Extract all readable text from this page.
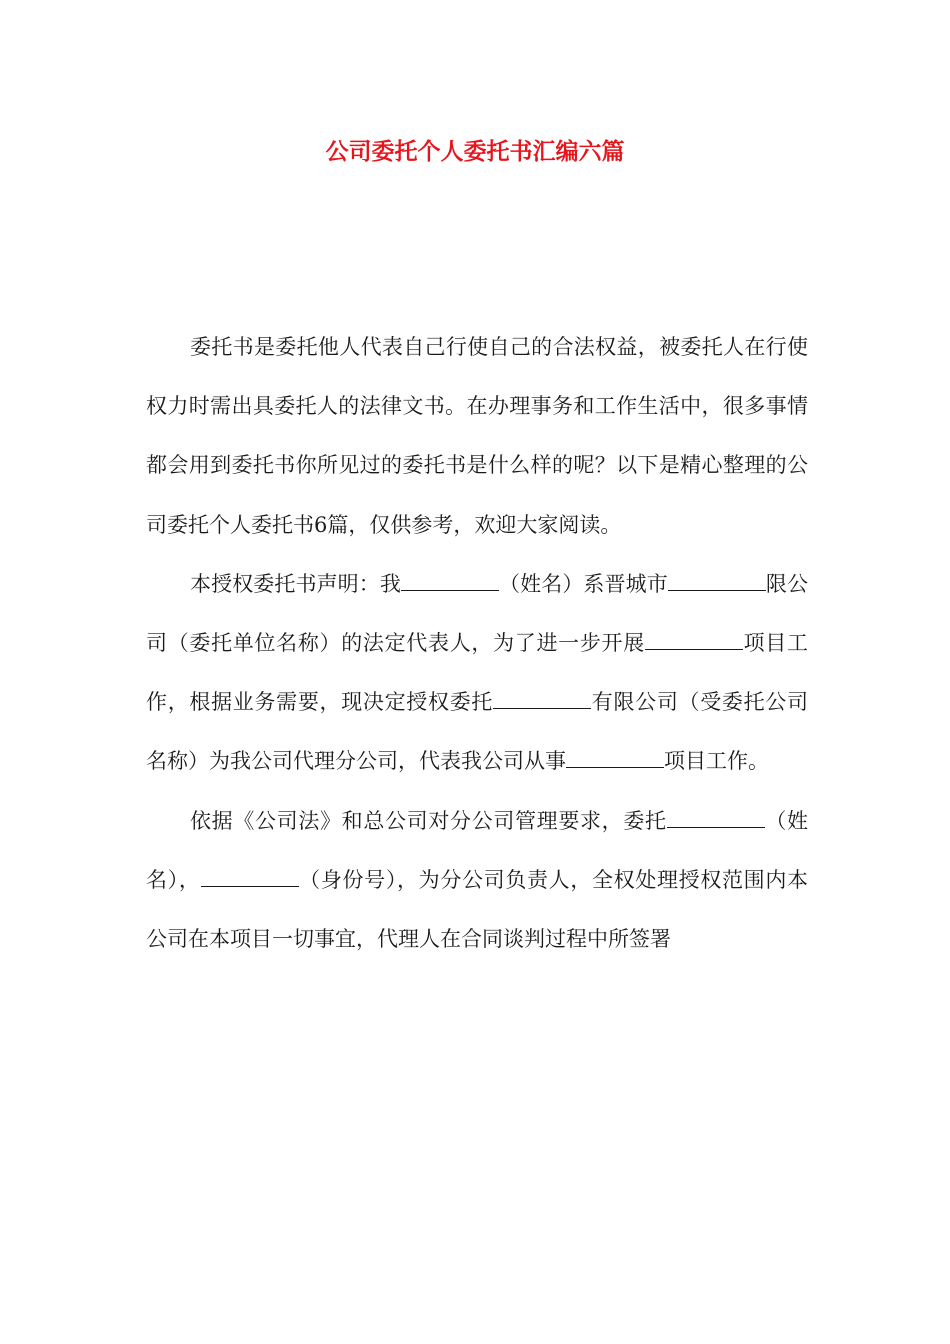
公司委托个人委托书汇编六篇

委托书是委托他人代表自己行使自己的合法权益，被委托人在行使权力时需出具委托人的法律文书。在办理事务和工作生活中，很多事情都会用到委托书你所见过的委托书是什么样的呢？以下是精心整理的公司委托个人委托书6篇，仅供参考，欢迎大家阅读。

本授权委托书声明：我	（姓名）系晋城市	限公司（委托单位名称）的法定代表人，为了进一步开展	项目工作，根据业务需要，现决定授权委托	有限公司（受委托公司名称）为我公司代理分公司，代表我公司从事	项目工作。

依据《公司法》和总公司对分公司管理要求，委托	（姓名），	（身份号），为分公司负责人，全权处理授权范围内本公司在本项目一切事宜，代理人在合同谈判过程中所签署
